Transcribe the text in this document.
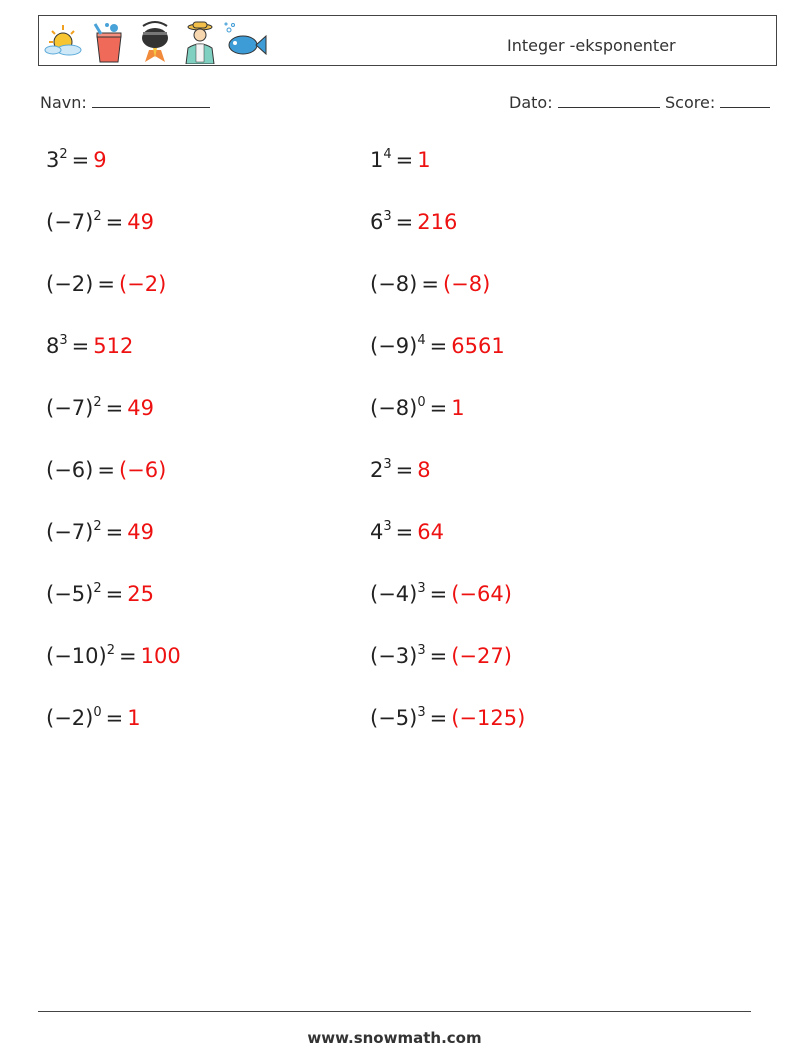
Integer -eksponenter
Navn:	Dato:	Score:
$3^2 = 9$
$(-7)^2 = 49$
(−2) = (−2)
$8^3 = 512$
$(-7)^2 = 49$
(−6) = (−6)
$(-7)^2 = 49$
$(-5)^2 = 25$
$(-10)^2 = 100$
$(-2)^0 = 1$
$1^4 = 1$
$6^3 = 216$
(−8) = (−8)
$(-9)^4 = 6561$
$(-8)^0 = 1$
$2^3 = 8$
$4^3 = 64$
$(-4)^3 = (-64)$
$(-3)^3 = (-27)$
$(-5)^3 = (-125)$
www.snowmath.com
